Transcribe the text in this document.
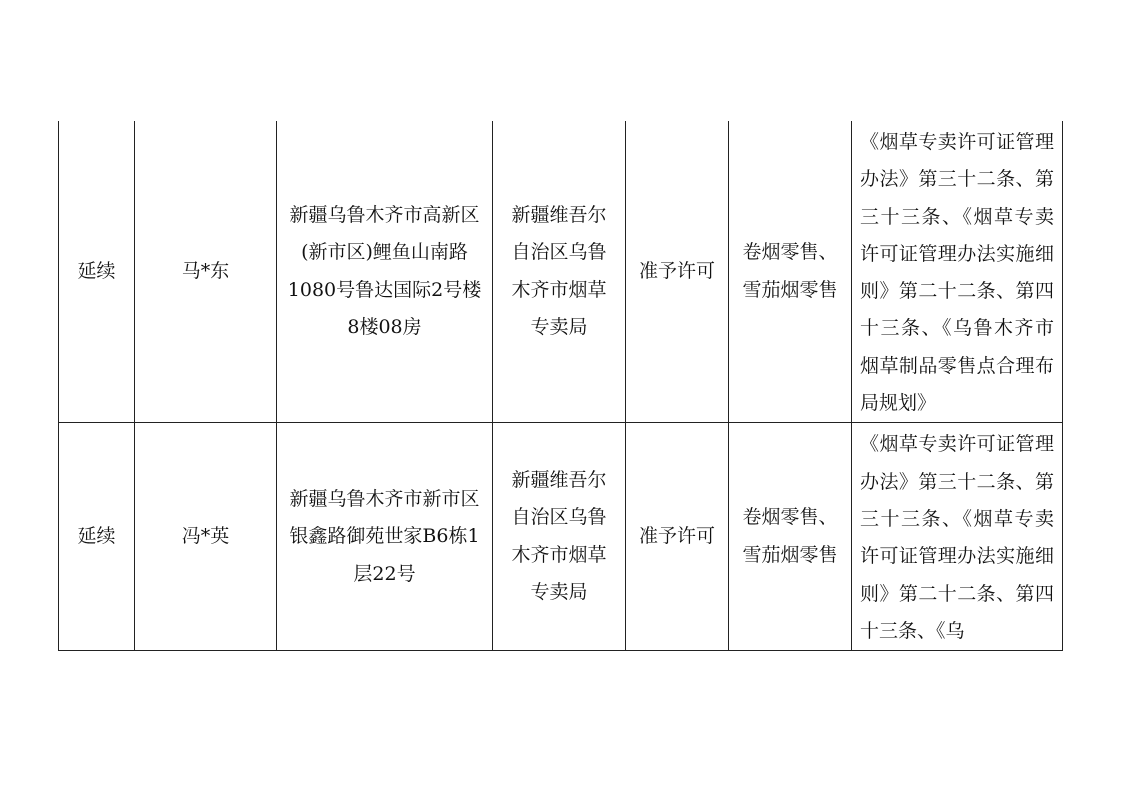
延续	马*东	新疆乌鲁木齐市高新区(新市区)鲤鱼山南路1080号鲁达国际2号楼8楼08房	新疆维吾尔自治区乌鲁木齐市烟草专卖局	准予许可	卷烟零售、雪茄烟零售	《烟草专卖许可证管理办法》第三十二条、第三十三条、《烟草专卖许可证管理办法实施细则》第二十二条、第四十三条、《乌鲁木齐市烟草制品零售点合理布局规划》

延续	冯*英	新疆乌鲁木齐市新市区银鑫路御苑世家B6栋1层22号	新疆维吾尔自治区乌鲁木齐市烟草专卖局	准予许可	卷烟零售、雪茄烟零售	《烟草专卖许可证管理办法》第三十二条、第三十三条、《烟草专卖许可证管理办法实施细则》第二十二条、第四十三条、《乌
